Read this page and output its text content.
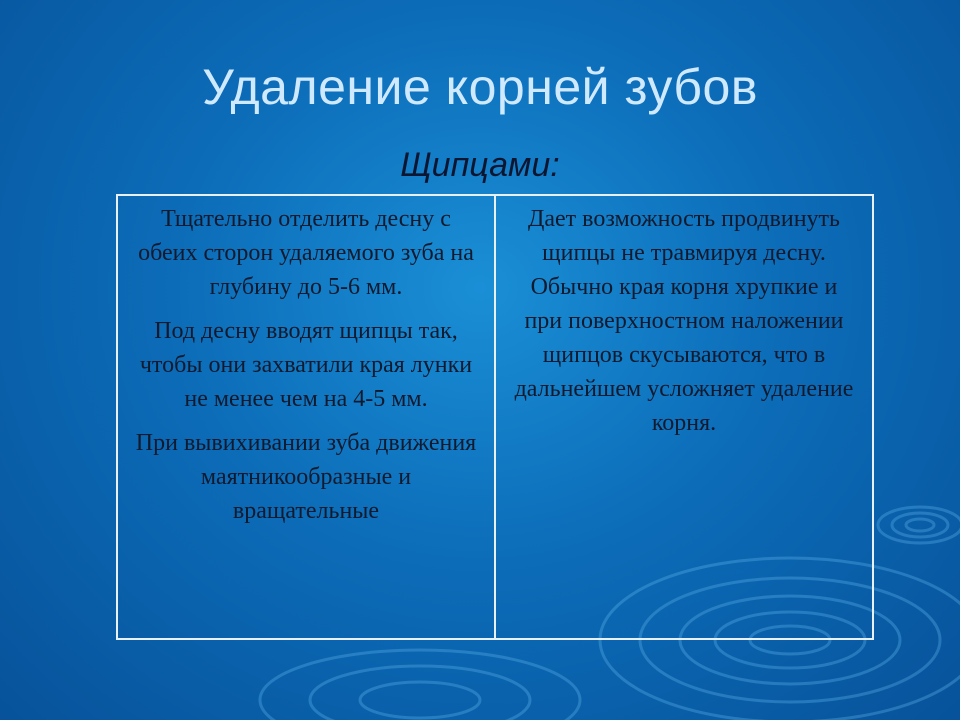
Удаление корней зубов
Щипцами:

Тщательно отделить десну с обеих сторон удаляемого зуба на глубину до 5-6 мм.

Под десну вводят щипцы так, чтобы они захватили края лунки не менее чем на 4-5 мм.

При вывихивании зуба движения маятникообразные и вращательные

Дает возможность продвинуть щипцы не травмируя десну. Обычно края корня хрупкие и при поверхностном наложении щипцов скусываются, что в дальнейшем усложняет удаление корня.
